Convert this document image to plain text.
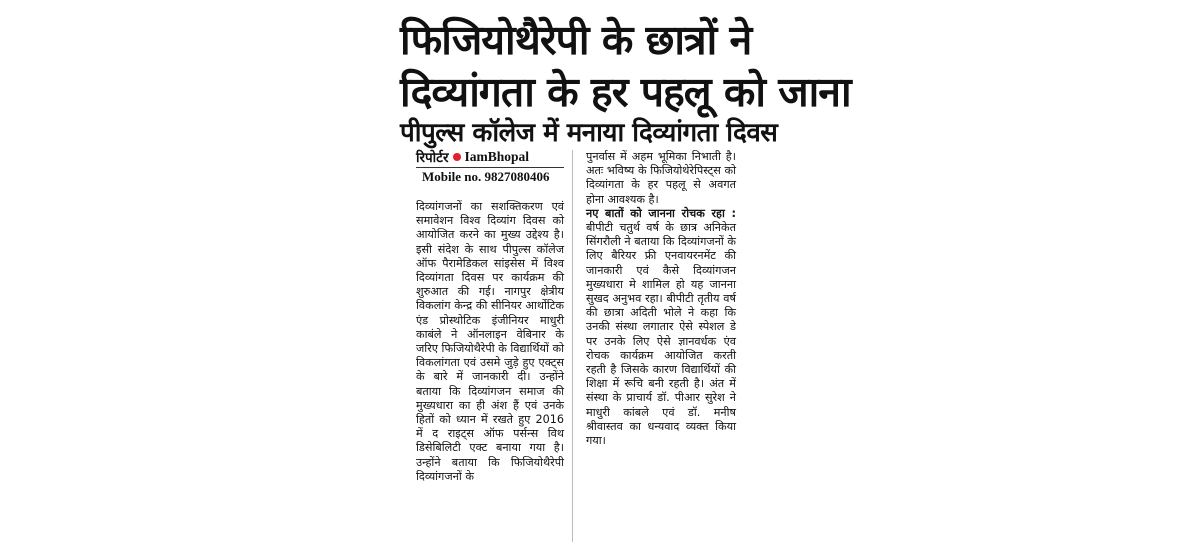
फिजियोथैरेपी के छात्रों ने
दिव्यांगता के हर पहलू को जाना
पीपुल्स कॉलेज में मनाया दिव्यांगता दिवस
रिपोर्टर IamBhopal
Mobile no. 9827080406

दिव्यांगजनों का सशक्तिकरण एवं समावेशन विश्व दिव्यांग दिवस को आयोजित करने का मुख्य उद्देश्य है। इसी संदेश के साथ पीपुल्स कॉलेज ऑफ पैरामेडिकल सांइसेस में विश्व दिव्यांगता दिवस पर कार्यक्रम की शुरुआत की गई। नागपुर क्षेत्रीय विकलांग केन्द्र की सीनियर आर्थोटिक एंड प्रोस्थोटिक इंजीनियर माधुरी काबंले ने ऑनलाइन वेबिनार के जरिए फिजियोथैरेपी के विद्यार्थियों को विकलांगता एवं उसमे जुड़े हुए एक्ट्स के बारे में जानकारी दी। उन्होंने बताया कि दिव्यांगजन समाज की मुख्यधारा का ही अंश हैं एवं उनके हितों को ध्यान में रखते हुए 2016 में द राइट्स ऑफ पर्सन्स विथ डिसेबिलिटी एक्ट बनाया गया है। उन्होंने बताया कि फिजियोथैरेपी दिव्यांगजनों के

पुनर्वास में अहम भूमिका निभाती है। अतः भविष्य के फिजियोथेरेपिस्ट्स को दिव्यांगता के हर पहलू से अवगत होना आवश्यक है।

नए बातों को जानना रोचक रहा : बीपीटी चतुर्थ वर्ष के छात्र अनिकेत सिंगरौली ने बताया कि दिव्यांगजनों के लिए बैरियर फ्री एनवायरनमेंट की जानकारी एवं कैसे दिव्यांगजन मुख्यधारा मे शामिल हो यह जानना सुखद अनुभव रहा। बीपीटी तृतीय वर्ष की छात्रा अदिती भोले ने कहा कि उनकी संस्था लगातार ऐसे स्पेशल डे पर उनके लिए ऐसे ज्ञानवर्धक एंव रोचक कार्यक्रम आयोजित करती रहती है जिसके कारण विद्यार्थियों की शिक्षा में रूचि बनी रहती है। अंत में संस्था के प्राचार्य डॉ. पीआर सुरेश ने माधुरी कांबले एवं डॉ. मनीष श्रीवास्तव का धन्यवाद व्यक्त किया गया।
